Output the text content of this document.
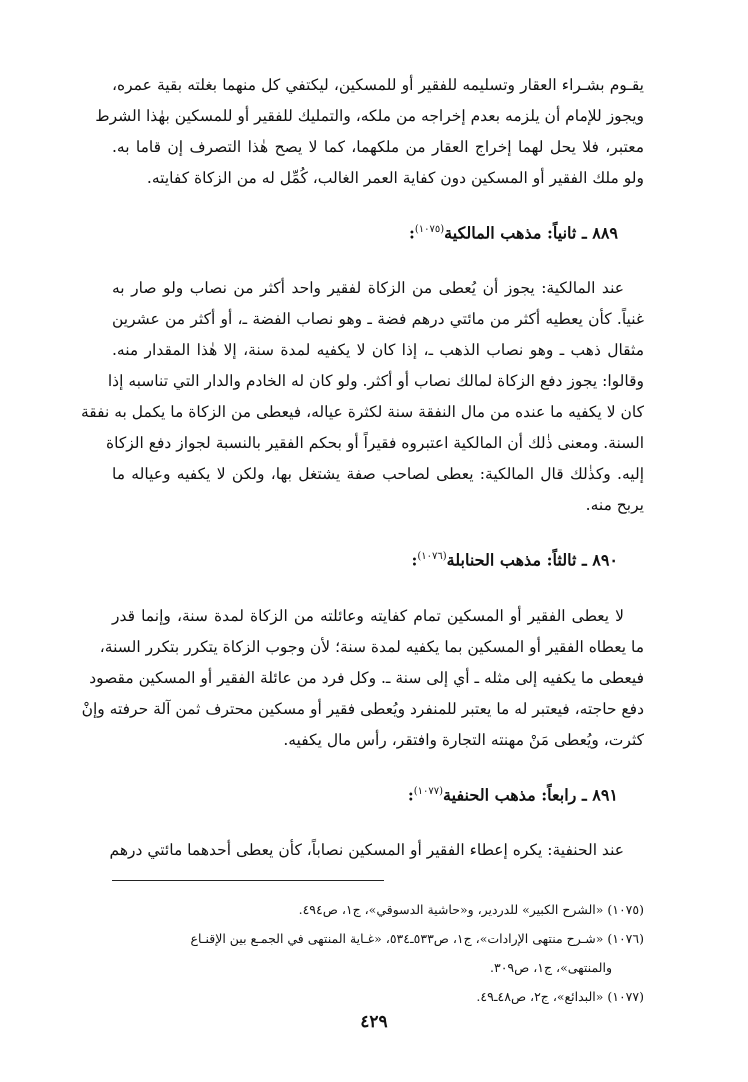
يقـوم بشـراء العقار وتسليمه للفقير أو للمسكين، ليكتفي كل منهما بغلته بقية عمره،
ويجوز للإمام أن يلزمه بعدم إخراجه من ملكه، والتمليك للفقير أو للمسكين بهٰذا الشرط
معتبر، فلا يحل لهما إخراج العقار من ملكهما، كما لا يصح هٰذا التصرف إن قاما به.
ولو ملك الفقير أو المسكين دون كفاية العمر الغالب، كُمِّل له من الزكاة كفايته.
٨٨٩ ـ ثانياً: مذهب المالكية$^{(١٠٧٥)}$:
عند المالكية: يجوز أن يُعطى من الزكاة لفقير واحد أكثر من نصاب ولو صار به
غنياً. كأن يعطيه أكثر من مائتي درهم فضة ـ وهو نصاب الفضة ـ، أو أكثر من عشرين
مثقال ذهب ـ وهو نصاب الذهب ـ، إذا كان لا يكفيه لمدة سنة، إلا هٰذا المقدار منه.
وقالوا: يجوز دفع الزكاة لمالك نصاب أو أكثر. ولو كان له الخادم والدار التي تناسبه إذا
كان لا يكفيه ما عنده من مال النفقة سنة لكثرة عياله، فيعطى من الزكاة ما يكمل به نفقة
السنة. ومعنى ذٰلك أن المالكية اعتبروه فقيراً أو بحكم الفقير بالنسبة لجواز دفع الزكاة
إليه. وكذٰلك قال المالكية: يعطى لصاحب صفة يشتغل بها، ولكن لا يكفيه وعياله ما
يربح منه.
٨٩٠ ـ ثالثاً: مذهب الحنابلة$^{(١٠٧٦)}$:
لا يعطى الفقير أو المسكين تمام كفايته وعائلته من الزكاة لمدة سنة، وإنما قدر
ما يعطاه الفقير أو المسكين بما يكفيه لمدة سنة؛ لأن وجوب الزكاة يتكرر بتكرر السنة،
فيعطى ما يكفيه إلى مثله ـ أي إلى سنة ـ. وكل فرد من عائلة الفقير أو المسكين مقصود
دفع حاجته، فيعتبر له ما يعتبر للمنفرد ويُعطى فقير أو مسكين محترف ثمن آلة حرفته وإنْ
كثرت، ويُعطى مَنْ مهنته التجارة وافتقر، رأس مال يكفيه.
٨٩١ ـ رابعاً: مذهب الحنفية$^{(١٠٧٧)}$:
عند الحنفية: يكره إعطاء الفقير أو المسكين نصاباً، كأن يعطى أحدهما مائتي درهم
(١٠٧٥) «الشرح الكبير» للدردير، و«حاشية الدسوقي»، ج١، ص٤٩٤.
(١٠٧٦) «شـرح منتهى الإرادات»، ج١، ص٥٣٣ـ٥٣٤، «غـاية المنتهى في الجمـع بين الإقنـاع
والمنتهى»، ج١، ص٣٠٩.
(١٠٧٧) «البدائع»، ج٢، ص٤٨ـ٤٩.
٤٢٩
